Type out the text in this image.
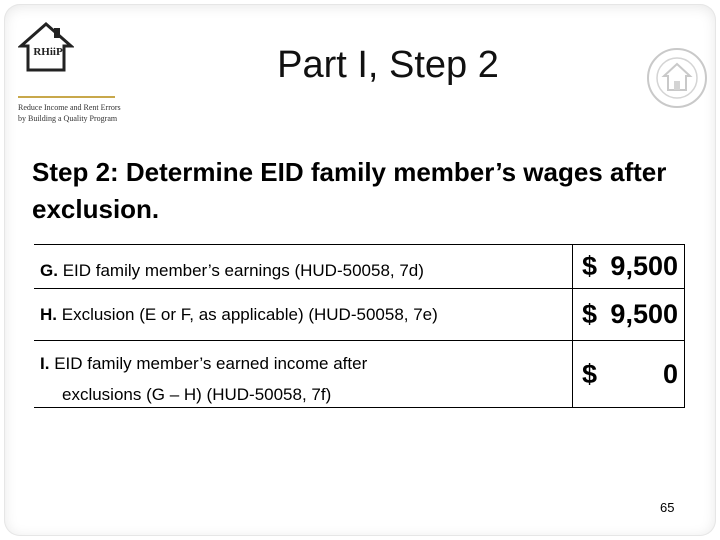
RHiiP
Reduce Income and Rent Errors by Building a Quality Program
Part I, Step 2
Step 2: Determine EID family member’s wages after exclusion.
G. EID family member’s earnings (HUD-50058, 7d)	$ 9,500
H. Exclusion (E or F, as applicable) (HUD-50058, 7e)	$ 9,500
I. EID family member’s earned income after
exclusions (G – H) (HUD-50058, 7f)
$ 0
65
